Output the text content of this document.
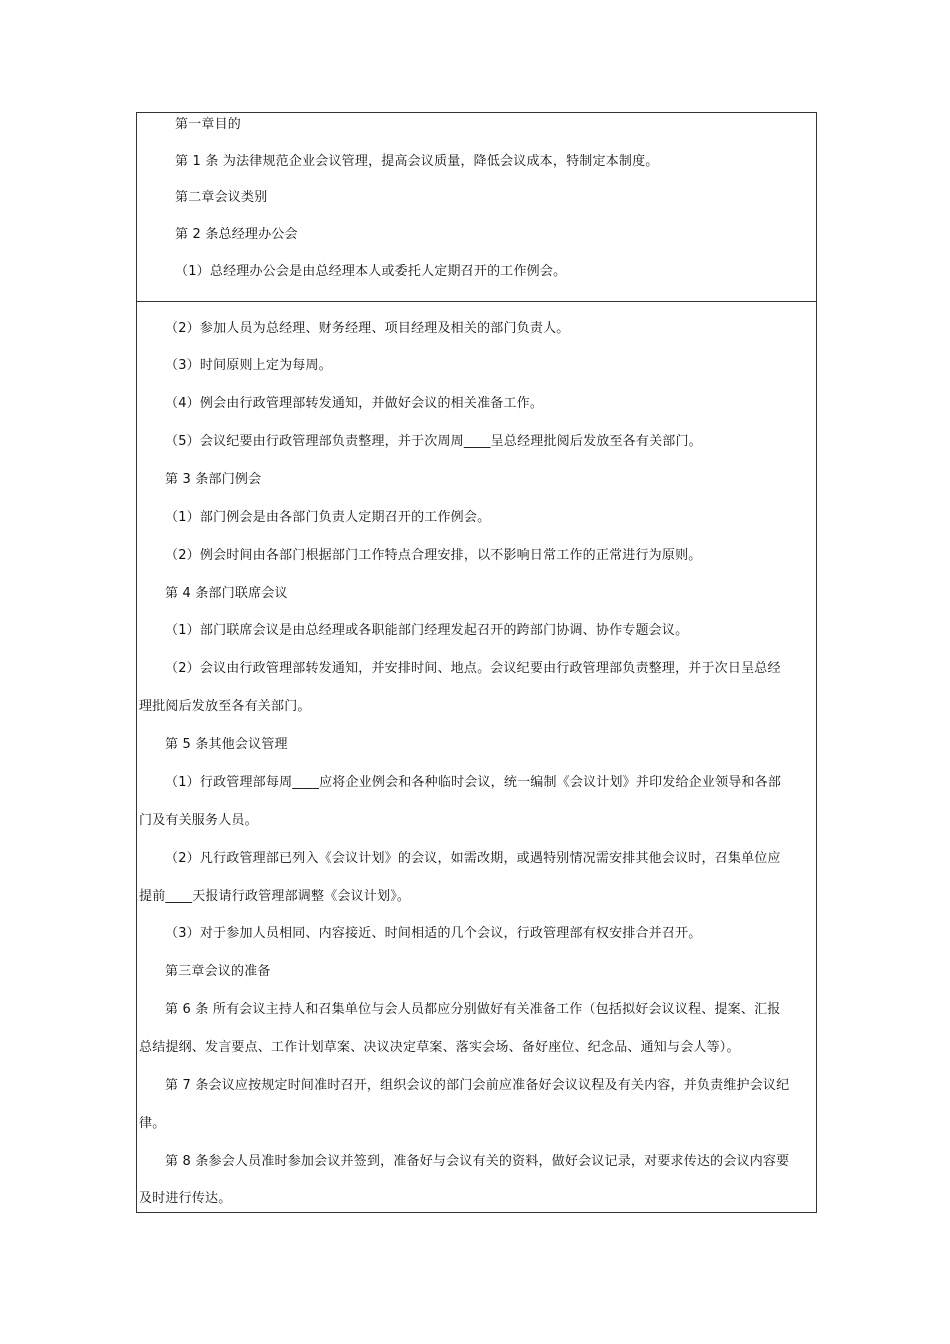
第一章目的
第 1 条 为法律规范企业会议管理，提高会议质量，降低会议成本，特制定本制度。
第二章会议类别
第 2 条总经理办公会
（1）总经理办公会是由总经理本人或委托人定期召开的工作例会。
（2）参加人员为总经理、财务经理、项目经理及相关的部门负责人。
（3）时间原则上定为每周。
（4）例会由行政管理部转发通知，并做好会议的相关准备工作。
（5）会议纪要由行政管理部负责整理，并于次周周____呈总经理批阅后发放至各有关部门。
第 3 条部门例会
（1）部门例会是由各部门负责人定期召开的工作例会。
（2）例会时间由各部门根据部门工作特点合理安排，以不影响日常工作的正常进行为原则。
第 4 条部门联席会议
（1）部门联席会议是由总经理或各职能部门经理发起召开的跨部门协调、协作专题会议。
（2）会议由行政管理部转发通知，并安排时间、地点。会议纪要由行政管理部负责整理，并于次日呈总经
理批阅后发放至各有关部门。
第 5 条其他会议管理
（1）行政管理部每周____应将企业例会和各种临时会议，统一编制《会议计划》并印发给企业领导和各部
门及有关服务人员。
（2）凡行政管理部已列入《会议计划》的会议，如需改期，或遇特别情况需安排其他会议时，召集单位应
提前____天报请行政管理部调整《会议计划》。
（3）对于参加人员相同、内容接近、时间相适的几个会议，行政管理部有权安排合并召开。
第三章会议的准备
第 6 条 所有会议主持人和召集单位与会人员都应分别做好有关准备工作（包括拟好会议议程、提案、汇报
总结提纲、发言要点、工作计划草案、决议决定草案、落实会场、备好座位、纪念品、通知与会人等）。
第 7 条会议应按规定时间准时召开，组织会议的部门会前应准备好会议议程及有关内容，并负责维护会议纪
律。
第 8 条参会人员准时参加会议并签到，准备好与会议有关的资料，做好会议记录，对要求传达的会议内容要
及时进行传达。
